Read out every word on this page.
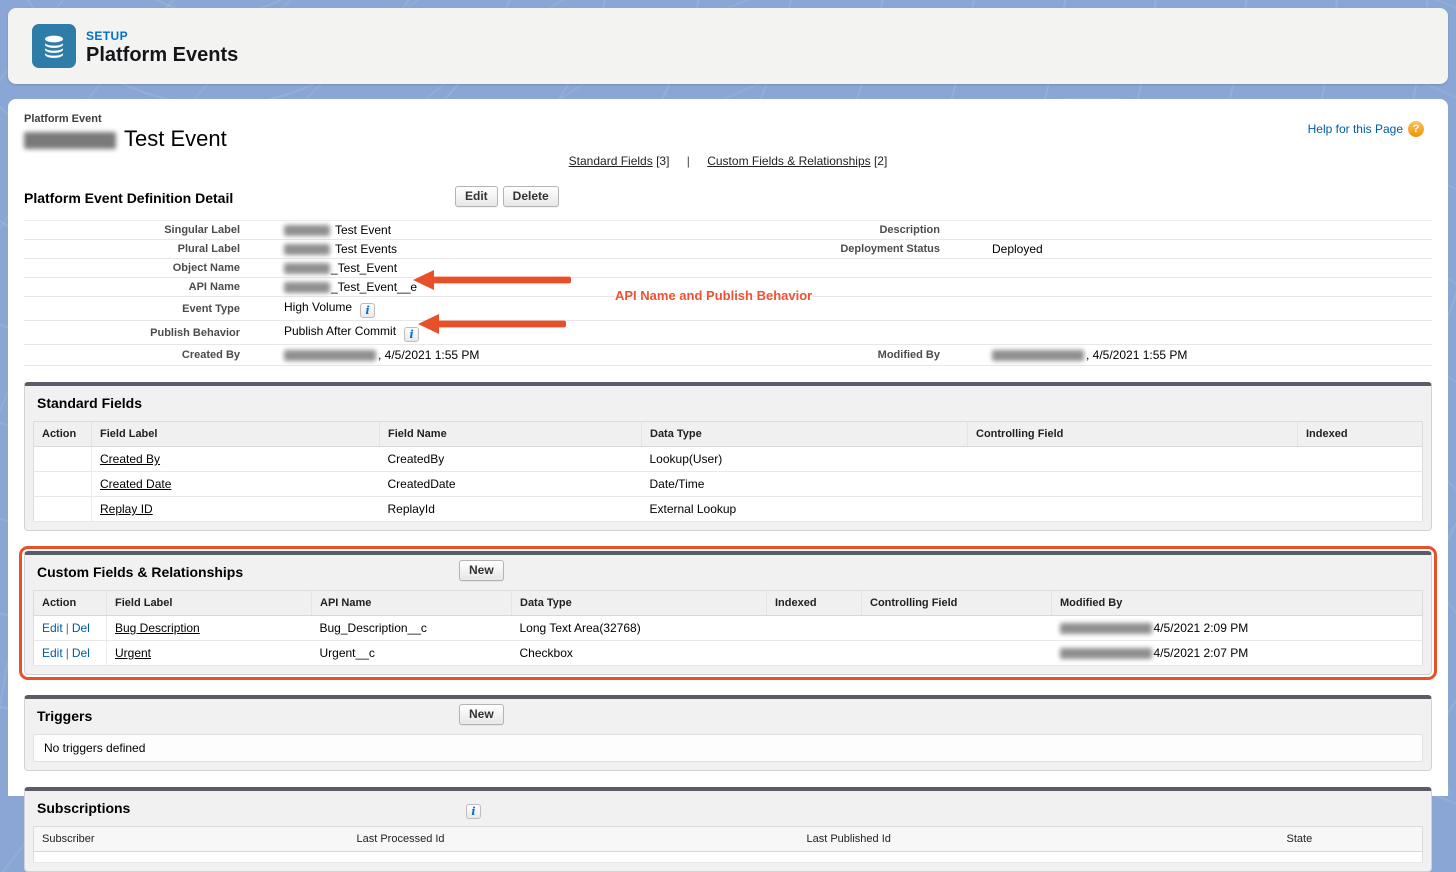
SETUP
Platform Events
Platform Event
Test Event	Help for this Page ?
Standard Fields [3] | Custom Fields & Relationships [2]
Platform Event Definition Detail	Edit	Delete
Singular Label	Test Event	Description	
Plural Label	Test Events	Deployment Status	Deployed
Object Name	_Test_Event		
API Name	_Test_Event__e		
Event Type	High Volume i		
Publish Behavior	Publish After Commit i		
Created By	, 4/5/2021 1:55 PM	Modified By	, 4/5/2021 1:55 PM
API Name and Publish Behavior
Standard Fields
Action	Field Label	Field Name	Data Type	Controlling Field	Indexed
	Created By	CreatedBy	Lookup(User)		
	Created Date	CreatedDate	Date/Time		
	Replay ID	ReplayId	External Lookup		
Custom Fields & Relationships	New
Action	Field Label	API Name	Data Type	Indexed	Controlling Field	Modified By
Edit | Del	Bug Description	Bug_Description__c	Long Text Area(32768)			4/5/2021 2:09 PM
Edit | Del	Urgent	Urgent__c	Checkbox			4/5/2021 2:07 PM
Triggers	New
No triggers defined
Subscriptions	i
Subscriber	Last Processed Id	Last Published Id	State
